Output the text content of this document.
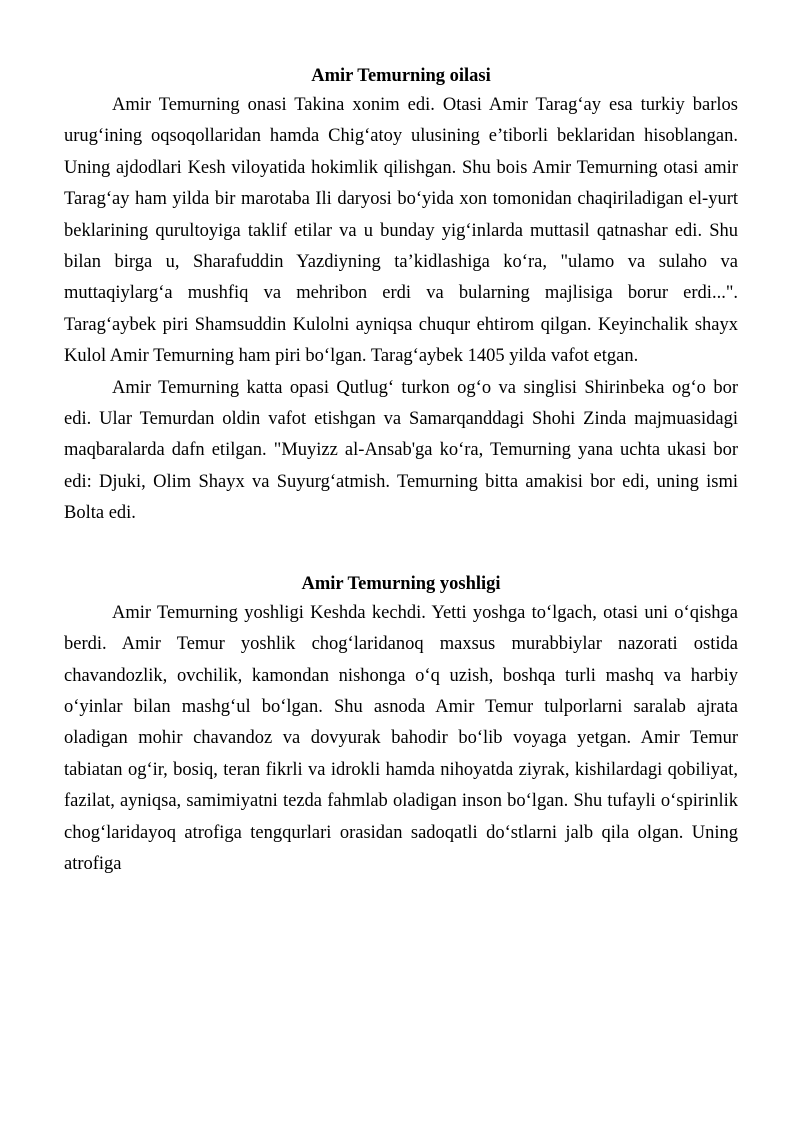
Amir Temurning oilasi

Amir Temurning onasi Takina xonim edi. Otasi Amir Tarag‘ay esa turkiy barlos urug‘ining oqsoqollaridan hamda Chig‘atoy ulusining e’tiborli beklaridan hisoblangan. Uning ajdodlari Kesh viloyatida hokimlik qilishgan. Shu bois Amir Temurning otasi amir Tarag‘ay ham yilda bir marotaba Ili daryosi bo‘yida xon tomonidan chaqiriladigan el-yurt beklarining qurultoyiga taklif etilar va u bunday yig‘inlarda muttasil qatnashar edi. Shu bilan birga u, Sharafuddin Yazdiyning ta’kidlashiga ko‘ra, "ulamo va sulaho va muttaqiylarg‘a mushfiq va mehribon erdi va bularning majlisiga borur erdi...". Tarag‘aybek piri Shamsuddin Kulolni ayniqsa chuqur ehtirom qilgan. Keyinchalik shayx Kulol Amir Temurning ham piri bo‘lgan. Tarag‘aybek 1405 yilda vafot etgan.

Amir Temurning katta opasi Qutlug‘ turkon og‘o va singlisi Shirinbeka og‘o bor edi. Ular Temurdan oldin vafot etishgan va Samarqanddagi Shohi Zinda majmuasidagi maqbaralarda dafn etilgan. "Muyizz al-Ansab'ga ko‘ra, Temurning yana uchta ukasi bor edi: Djuki, Olim Shayx va Suyurg‘atmish. Temurning bitta amakisi bor edi, uning ismi Bolta edi.

Amir Temurning yoshligi

Amir Temurning yoshligi Keshda kechdi. Yetti yoshga to‘lgach, otasi uni o‘qishga berdi. Amir Temur yoshlik chog‘laridanoq maxsus murabbiylar nazorati ostida chavandozlik, ovchilik, kamondan nishonga o‘q uzish, boshqa turli mashq va harbiy o‘yinlar bilan mashg‘ul bo‘lgan. Shu asnoda Amir Temur tulporlarni saralab ajrata oladigan mohir chavandoz va dovyurak bahodir bo‘lib voyaga yetgan. Amir Temur tabiatan og‘ir, bosiq, teran fikrli va idrokli hamda nihoyatda ziyrak, kishilardagi qobiliyat, fazilat, ayniqsa, samimiyatni tezda fahmlab oladigan inson bo‘lgan. Shu tufayli o‘spirinlik chog‘laridayoq atrofiga tengqurlari orasidan sadoqatli do‘stlarni jalb qila olgan. Uning atrofiga
